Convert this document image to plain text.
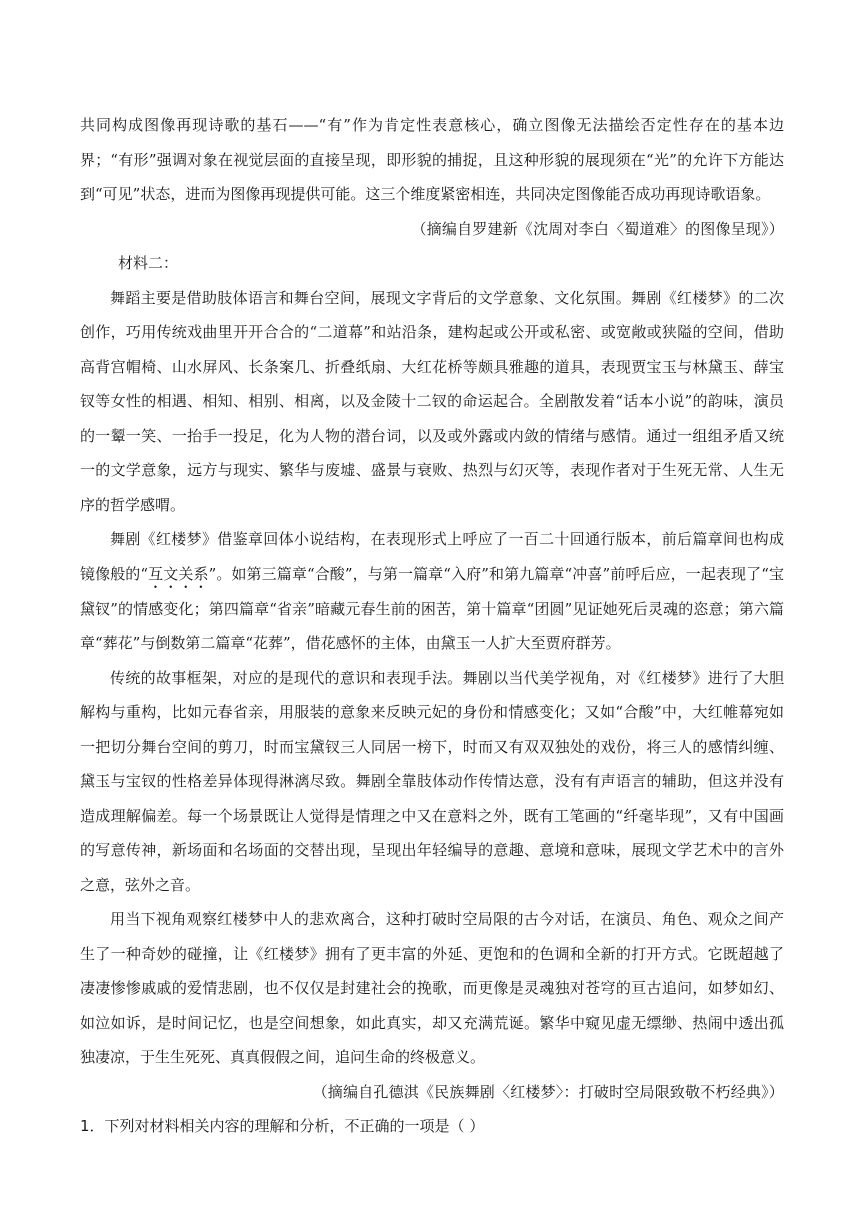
共同构成图像再现诗歌的基石——“有”作为肯定性表意核心，确立图像无法描绘否定性存在的基本边界；“有形”强调对象在视觉层面的直接呈现，即形貌的捕捉，且这种形貌的展现须在“光”的允许下方能达到“可见”状态，进而为图像再现提供可能。这三个维度紧密相连，共同决定图像能否成功再现诗歌语象。

（摘编自罗建新《沈周对李白〈蜀道难〉的图像呈现》）

材料二：

舞蹈主要是借助肢体语言和舞台空间，展现文字背后的文学意象、文化氛围。舞剧《红楼梦》的二次创作，巧用传统戏曲里开开合合的“二道幕”和站沿条，建构起或公开或私密、或宽敞或狭隘的空间，借助高背宫帽椅、山水屏风、长条案几、折叠纸扇、大红花桥等颇具雅趣的道具，表现贾宝玉与林黛玉、薛宝钗等女性的相遇、相知、相别、相离，以及金陵十二钗的命运起合。全剧散发着“话本小说”的韵味，演员的一颦一笑、一抬手一投足，化为人物的潜台词，以及或外露或内敛的情绪与感情。通过一组组矛盾又统一的文学意象，远方与现实、繁华与废墟、盛景与衰败、热烈与幻灭等，表现作者对于生死无常、人生无序的哲学感喟。

舞剧《红楼梦》借鉴章回体小说结构，在表现形式上呼应了一百二十回通行版本，前后篇章间也构成镜像般的“互文关系”。如第三篇章“合酸”，与第一篇章“入府”和第九篇章“冲喜”前呼后应，一起表现了“宝黛钗”的情感变化；第四篇章“省亲”暗藏元春生前的困苦，第十篇章“团圆”见证她死后灵魂的恣意；第六篇章“葬花”与倒数第二篇章“花葬”，借花感怀的主体，由黛玉一人扩大至贾府群芳。

传统的故事框架，对应的是现代的意识和表现手法。舞剧以当代美学视角，对《红楼梦》进行了大胆解构与重构，比如元春省亲，用服装的意象来反映元妃的身份和情感变化；又如“合酸”中，大红帷幕宛如一把切分舞台空间的剪刀，时而宝黛钗三人同居一榜下，时而又有双双独处的戏份，将三人的感情纠缠、黛玉与宝钗的性格差异体现得淋漓尽致。舞剧全靠肢体动作传情达意，没有有声语言的辅助，但这并没有造成理解偏差。每一个场景既让人觉得是情理之中又在意料之外，既有工笔画的“纤毫毕现”，又有中国画的写意传神，新场面和名场面的交替出现，呈现出年轻编导的意趣、意境和意味，展现文学艺术中的言外之意，弦外之音。

用当下视角观察红楼梦中人的悲欢离合，这种打破时空局限的古今对话，在演员、角色、观众之间产生了一种奇妙的碰撞，让《红楼梦》拥有了更丰富的外延、更饱和的色调和全新的打开方式。它既超越了凄凄惨惨戚戚的爱情悲剧，也不仅仅是封建社会的挽歌，而更像是灵魂独对苍穹的亘古追问，如梦如幻、如泣如诉，是时间记忆，也是空间想象，如此真实，却又充满荒诞。繁华中窥见虚无缥缈、热闹中透出孤独凄凉，于生生死死、真真假假之间，追问生命的终极意义。

（摘编自孔德淇《民族舞剧〈红楼梦〉：打破时空局限致敬不朽经典》）

1．下列对材料相关内容的理解和分析，不正确的一项是（ ）
